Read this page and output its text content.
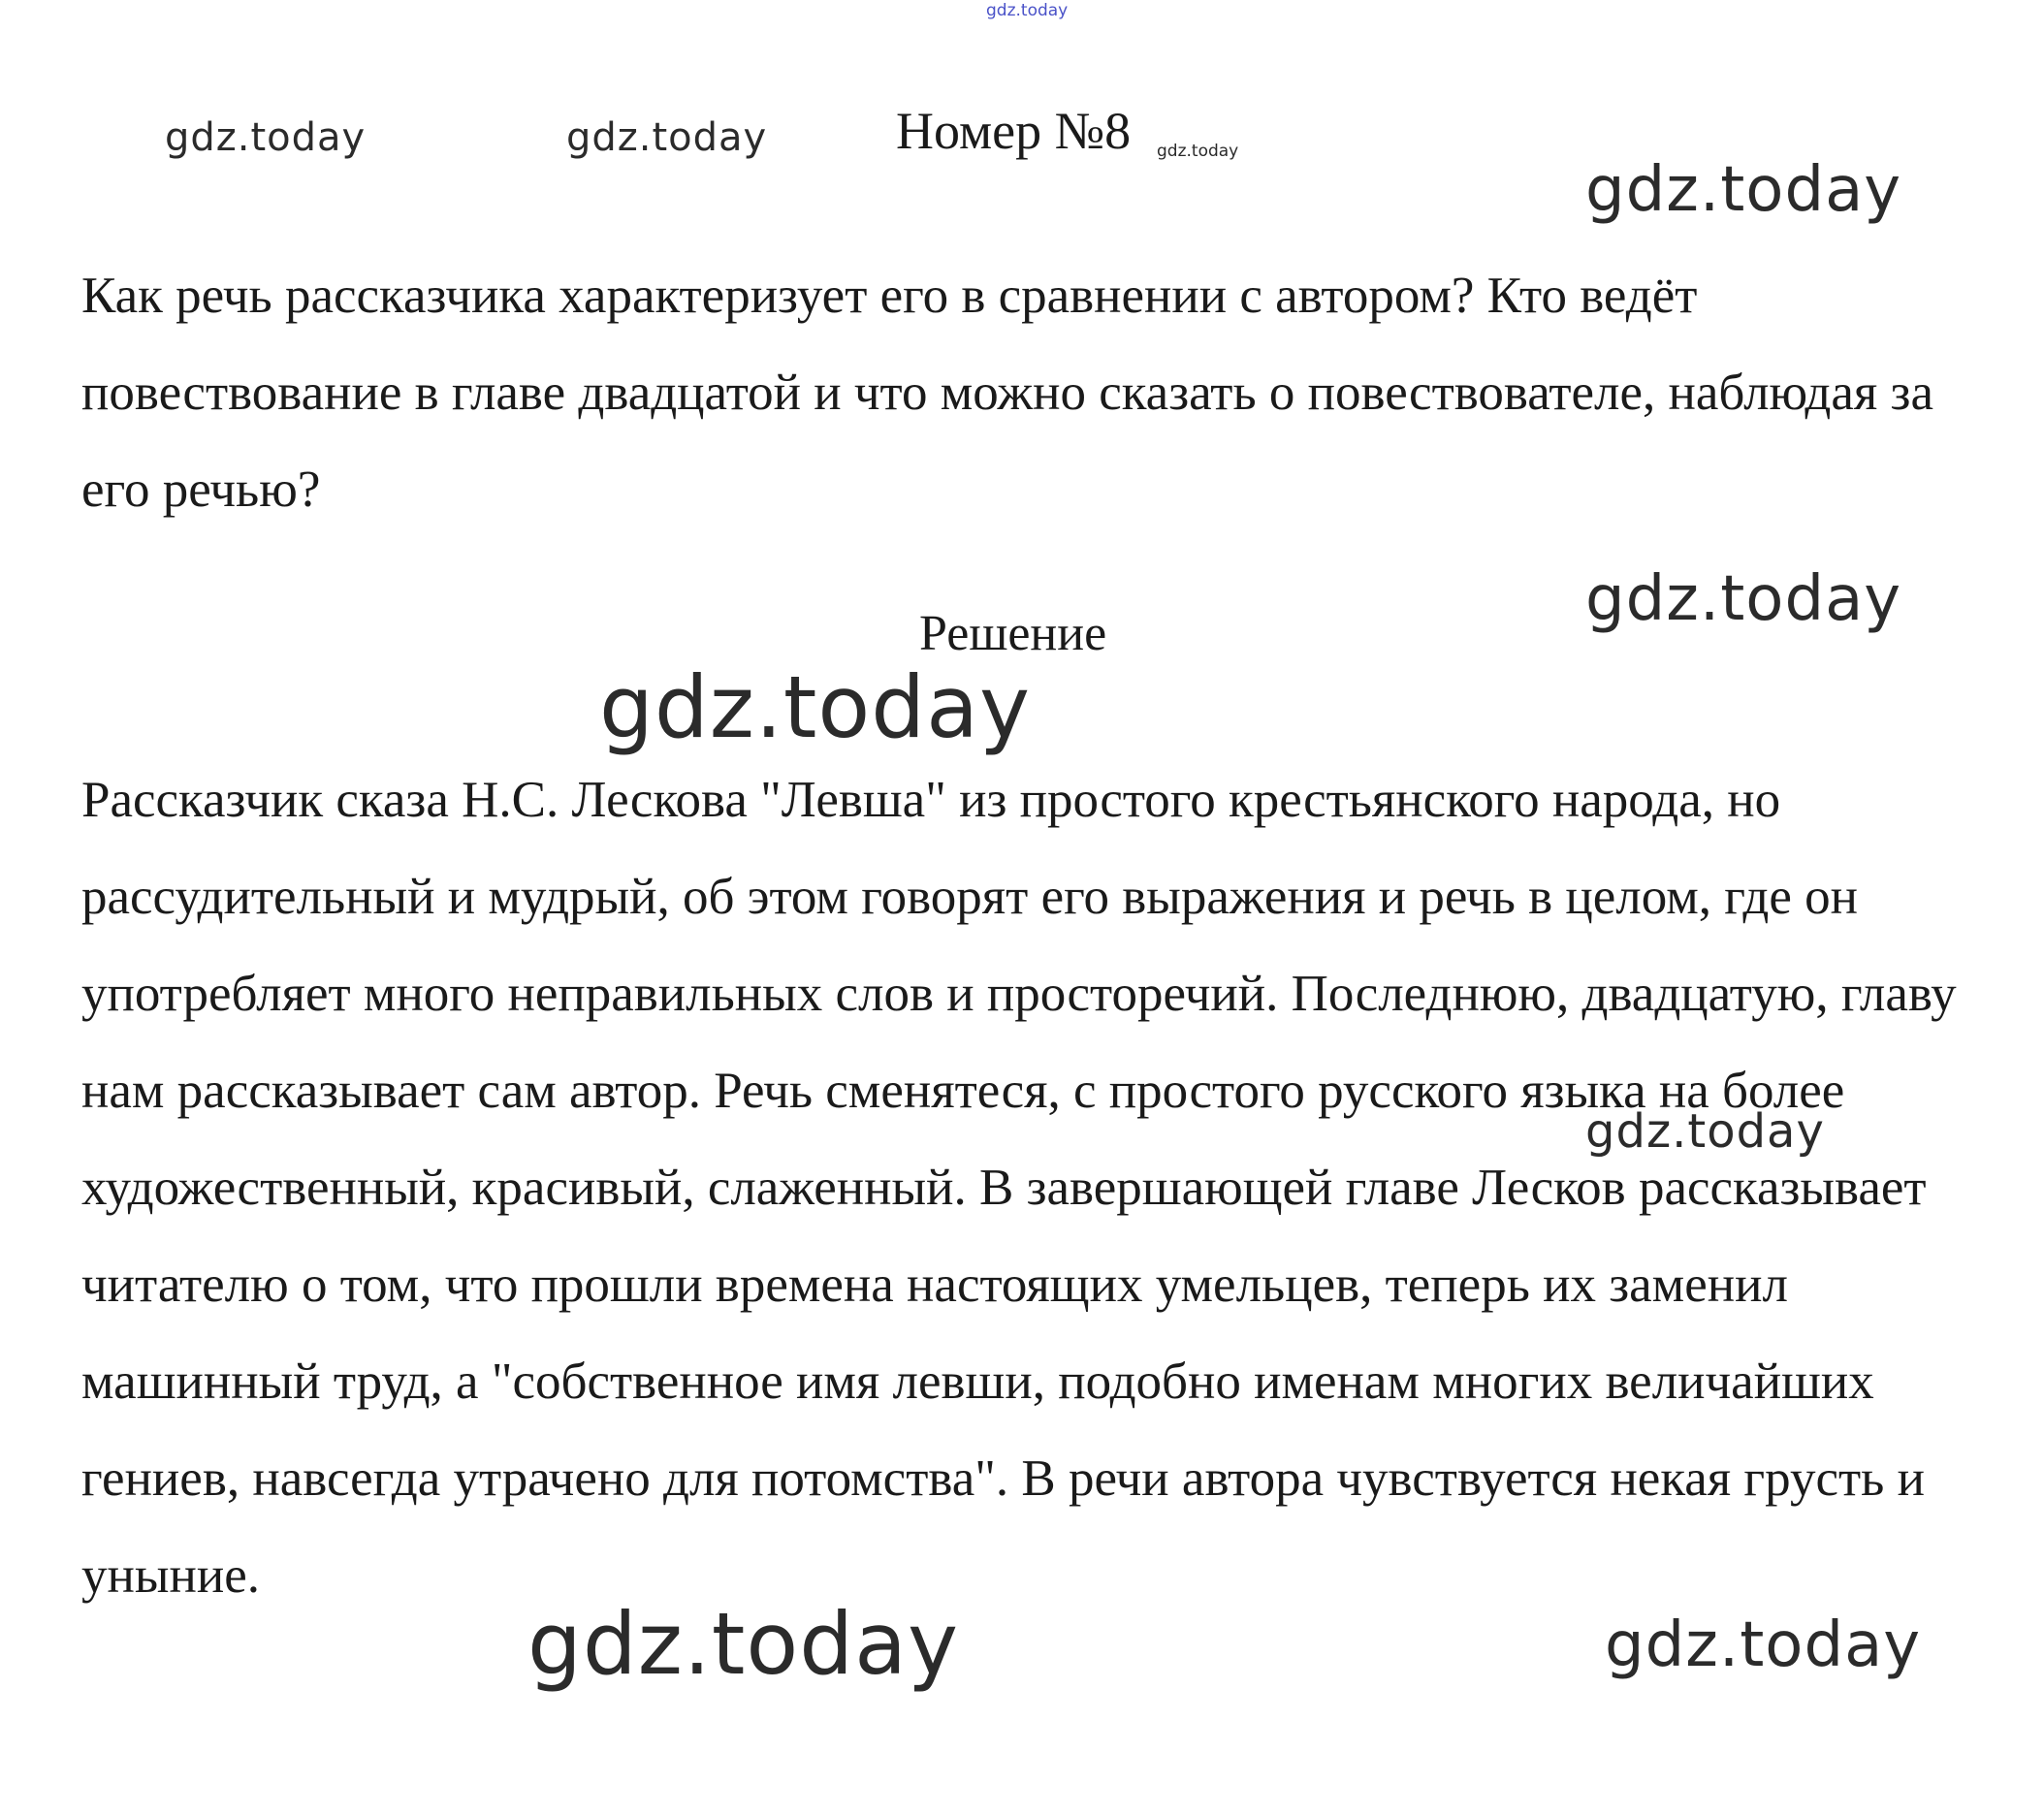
gdz.today
gdz.today	gdz.today Номер №8 gdz.today
gdz.today

Как речь рассказчика характеризует его в сравнении с автором? Кто ведёт повествование в главе двадцатой и что можно сказать о повествователе, наблюдая за его речью?

gdz.today
Решение
gdz.today

Рассказчик сказа Н.С. Лескова "Левша" из простого крестьянского народа, но рассудительный и мудрый, об этом говорят его выражения и речь в целом, где он употребляет много неправильных слов и просторечий. Последнюю, двадцатую, главу нам рассказывает сам автор. Речь сменятеся, с простого русского языка на более художественный, красивый, слаженный. В завершающей главе Лесков рассказывает читателю о том, что прошли времена настоящих умельцев, теперь их заменил машинный труд, а "собственное имя левши, подобно именам многих величайших гениев, навсегда утрачено для потомства". В речи автора чувствуется некая грусть и уныние.

gdz.today
gdz.today	gdz.today
